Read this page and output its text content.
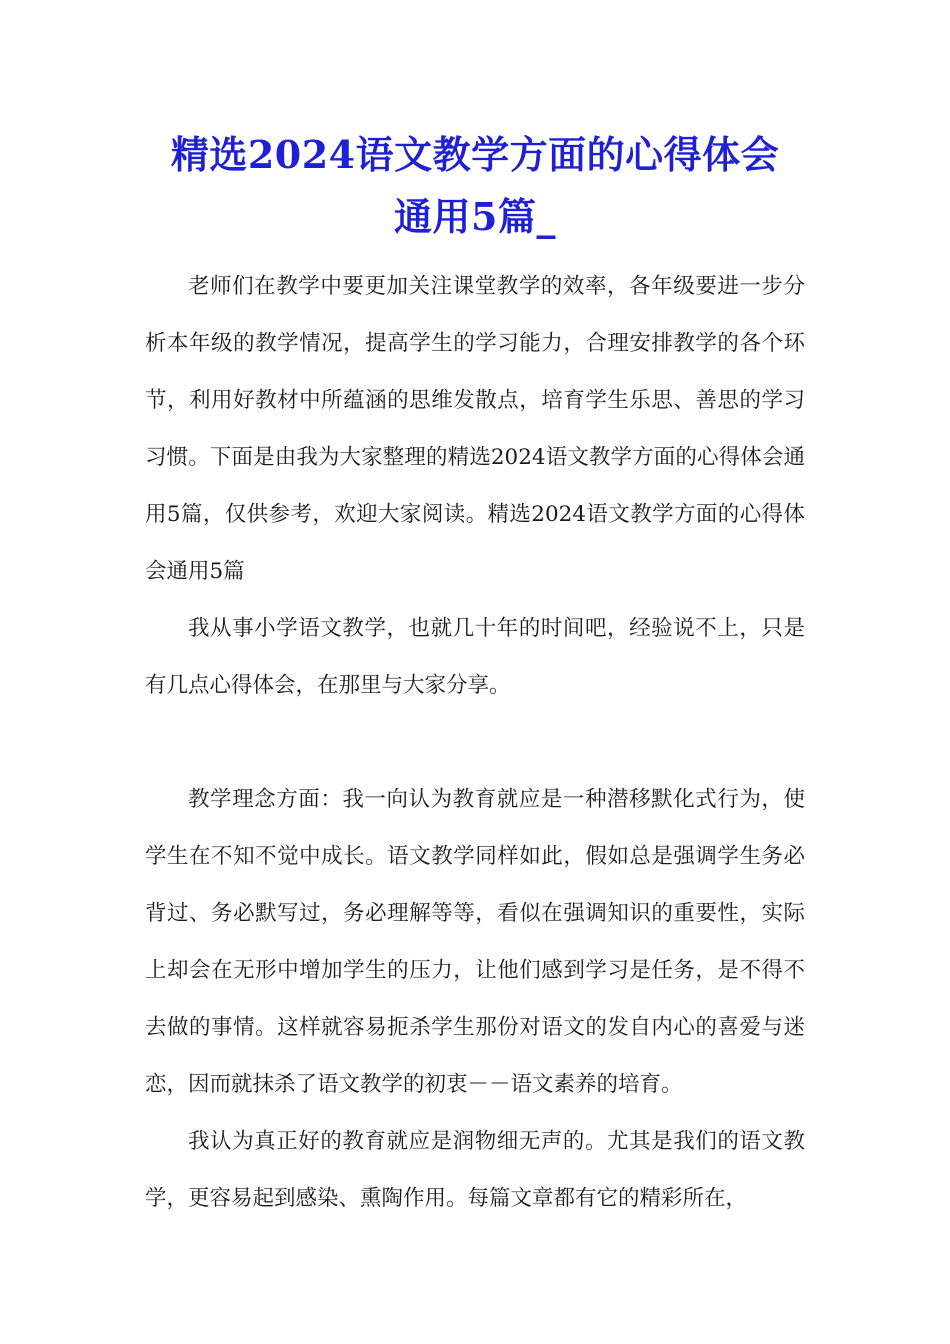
精选2024语文教学方面的心得体会
通用5篇_

老师们在教学中要更加关注课堂教学的效率，各年级要进一步分析本年级的教学情况，提高学生的学习能力，合理安排教学的各个环节，利用好教材中所蕴涵的思维发散点，培育学生乐思、善思的学习习惯。下面是由我为大家整理的精选2024语文教学方面的心得体会通用5篇，仅供参考，欢迎大家阅读。精选2024语文教学方面的心得体会通用5篇

我从事小学语文教学，也就几十年的时间吧，经验说不上，只是有几点心得体会，在那里与大家分享。

教学理念方面：我一向认为教育就应是一种潜移默化式行为，使学生在不知不觉中成长。语文教学同样如此，假如总是强调学生务必背过、务必默写过，务必理解等等，看似在强调知识的重要性，实际上却会在无形中增加学生的压力，让他们感到学习是任务，是不得不去做的事情。这样就容易扼杀学生那份对语文的发自内心的喜爱与迷恋，因而就抹杀了语文教学的初衷－－语文素养的培育。

我认为真正好的教育就应是润物细无声的。尤其是我们的语文教学，更容易起到感染、熏陶作用。每篇文章都有它的精彩所在，
